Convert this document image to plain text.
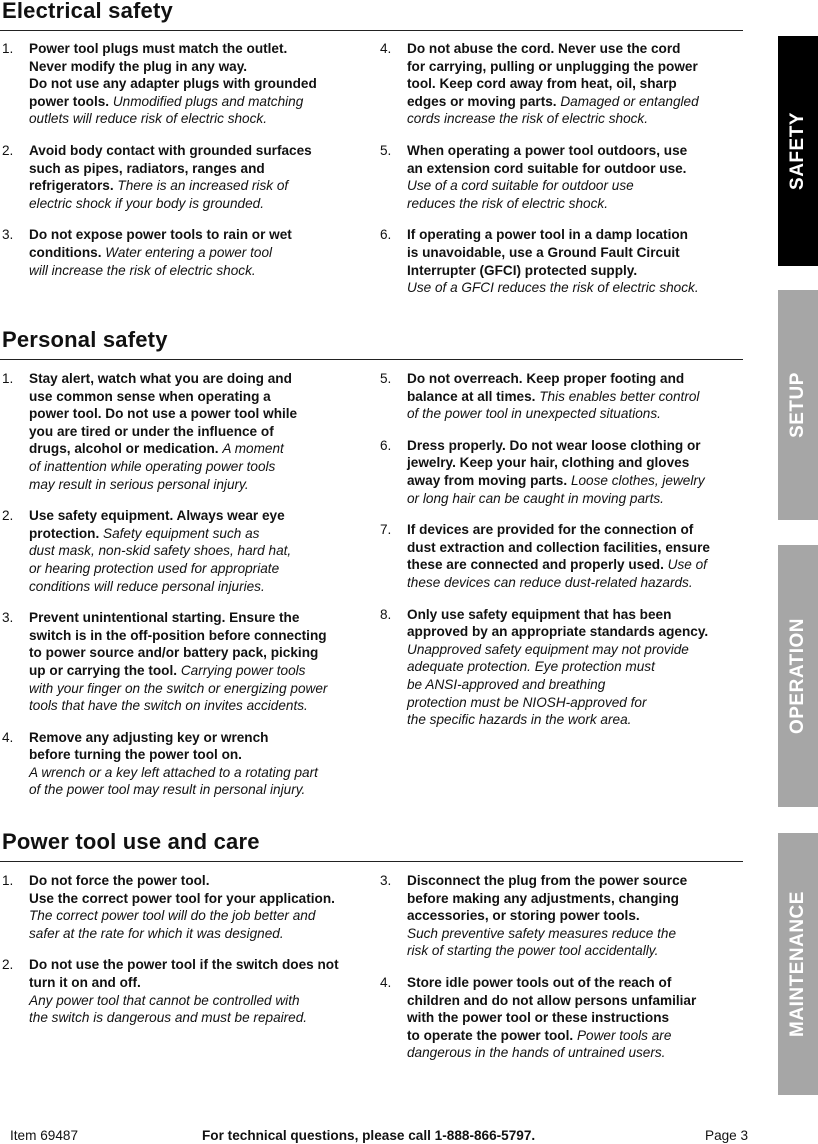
Electrical safety
1. Power tool plugs must match the outlet.
Never modify the plug in any way.
Do not use any adapter plugs with grounded
power tools. Unmodified plugs and matching
outlets will reduce risk of electric shock.
2. Avoid body contact with grounded surfaces
such as pipes, radiators, ranges and
refrigerators. There is an increased risk of
electric shock if your body is grounded.
3. Do not expose power tools to rain or wet
conditions. Water entering a power tool
will increase the risk of electric shock.
4. Do not abuse the cord. Never use the cord
for carrying, pulling or unplugging the power
tool. Keep cord away from heat, oil, sharp
edges or moving parts. Damaged or entangled
cords increase the risk of electric shock.
5. When operating a power tool outdoors, use
an extension cord suitable for outdoor use.
Use of a cord suitable for outdoor use
reduces the risk of electric shock.
6. If operating a power tool in a damp location
is unavoidable, use a Ground Fault Circuit
Interrupter (GFCI) protected supply.
Use of a GFCI reduces the risk of electric shock.
Personal safety
1. Stay alert, watch what you are doing and
use common sense when operating a
power tool. Do not use a power tool while
you are tired or under the influence of
drugs, alcohol or medication. A moment
of inattention while operating power tools
may result in serious personal injury.
2. Use safety equipment. Always wear eye
protection. Safety equipment such as
dust mask, non-skid safety shoes, hard hat,
or hearing protection used for appropriate
conditions will reduce personal injuries.
3. Prevent unintentional starting. Ensure the
switch is in the off-position before connecting
to power source and/or battery pack, picking
up or carrying the tool. Carrying power tools
with your finger on the switch or energizing power
tools that have the switch on invites accidents.
4. Remove any adjusting key or wrench
before turning the power tool on.
A wrench or a key left attached to a rotating part
of the power tool may result in personal injury.
5. Do not overreach. Keep proper footing and
balance at all times. This enables better control
of the power tool in unexpected situations.
6. Dress properly. Do not wear loose clothing or
jewelry. Keep your hair, clothing and gloves
away from moving parts. Loose clothes, jewelry
or long hair can be caught in moving parts.
7. If devices are provided for the connection of
dust extraction and collection facilities, ensure
these are connected and properly used. Use of
these devices can reduce dust-related hazards.
8. Only use safety equipment that has been
approved by an appropriate standards agency.
Unapproved safety equipment may not provide
adequate protection. Eye protection must
be ANSI-approved and breathing
protection must be NIOSH-approved for
the specific hazards in the work area.
Power tool use and care
1. Do not force the power tool.
Use the correct power tool for your application.
The correct power tool will do the job better and
safer at the rate for which it was designed.
2. Do not use the power tool if the switch does not
turn it on and off.
Any power tool that cannot be controlled with
the switch is dangerous and must be repaired.
3. Disconnect the plug from the power source
before making any adjustments, changing
accessories, or storing power tools.
Such preventive safety measures reduce the
risk of starting the power tool accidentally.
4. Store idle power tools out of the reach of
children and do not allow persons unfamiliar
with the power tool or these instructions
to operate the power tool. Power tools are
dangerous in the hands of untrained users.
SAFETY
SETUP
OPERATION
MAINTENANCE
Item 69487	For technical questions, please call 1-888-866-5797.	Page 3
